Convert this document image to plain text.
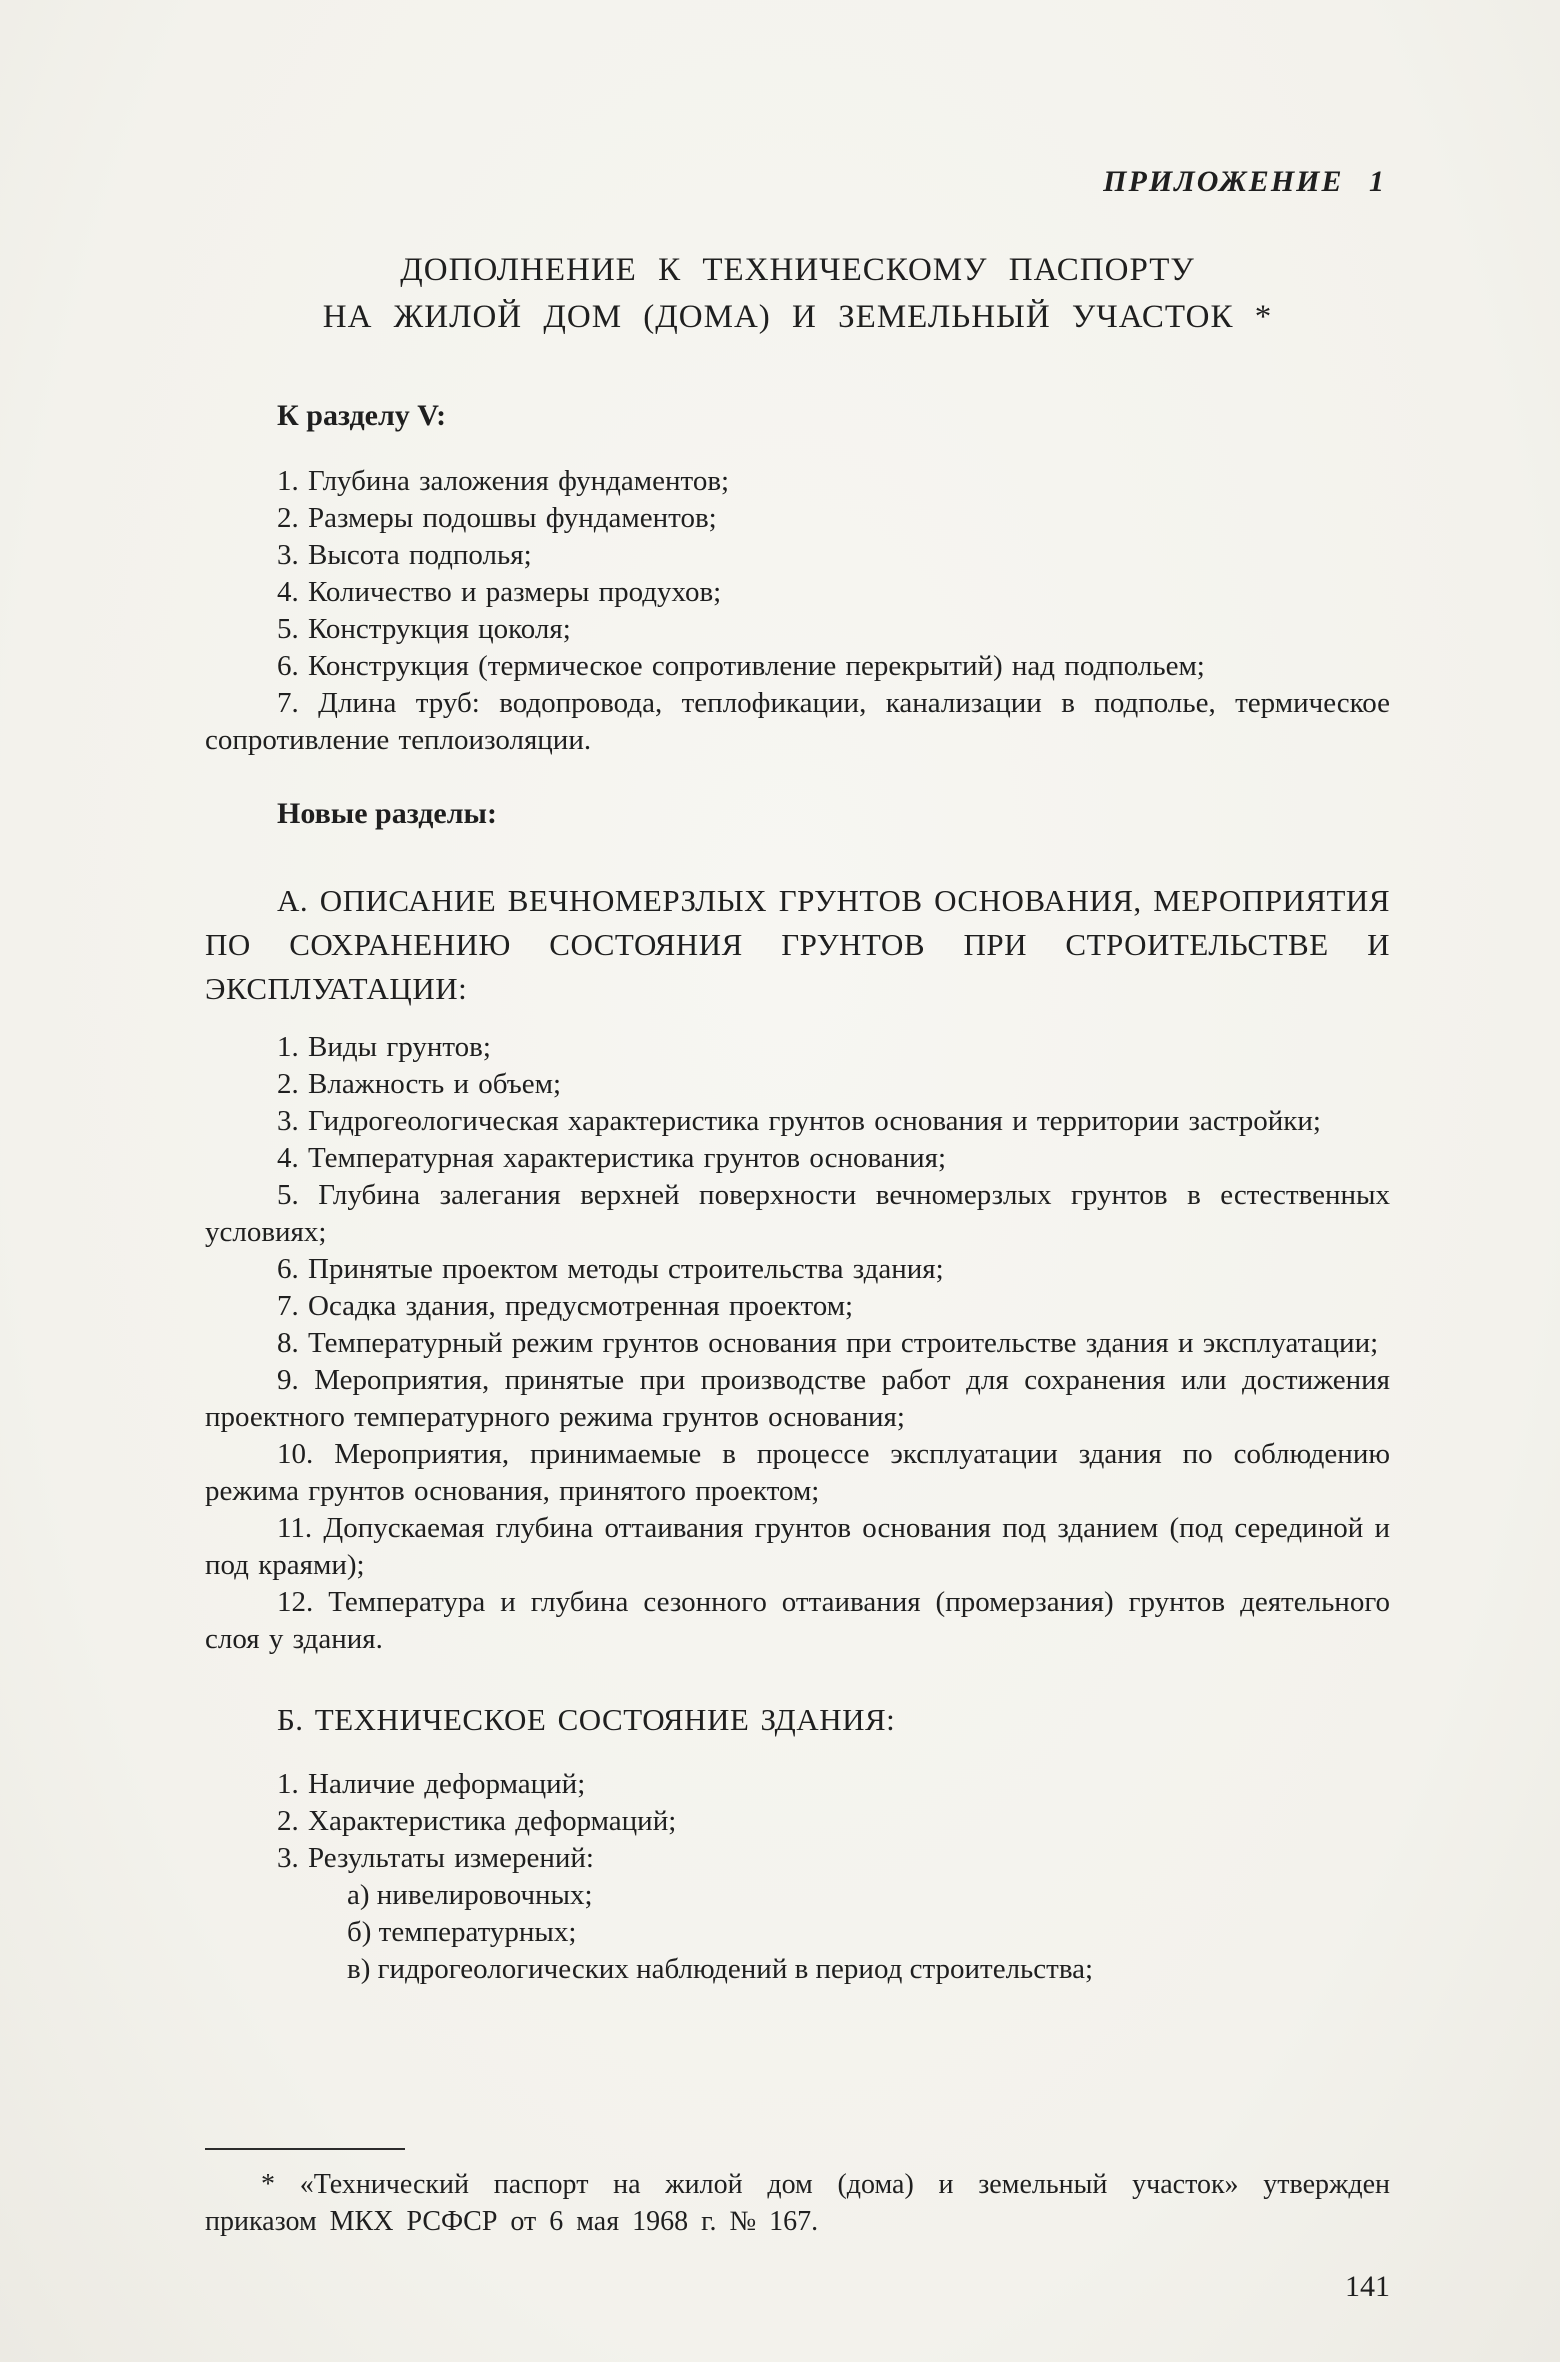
ПРИЛОЖЕНИЕ 1
ДОПОЛНЕНИЕ К ТЕХНИЧЕСКОМУ ПАСПОРТУ
НА ЖИЛОЙ ДОМ (ДОМА) И ЗЕМЕЛЬНЫЙ УЧАСТОК *

К разделу V:

1. Глубина заложения фундаментов;

2. Размеры подошвы фундаментов;

3. Высота подполья;

4. Количество и размеры продухов;

5. Конструкция цоколя;

6. Конструкция (термическое сопротивление перекрытий) над подпольем;

7. Длина труб: водопровода, теплофикации, канализации в подполье, термическое сопротивление теплоизоляции.

Новые разделы:

А. ОПИСАНИЕ ВЕЧНОМЕРЗЛЫХ ГРУНТОВ ОСНОВАНИЯ, МЕРОПРИЯТИЯ ПО СОХРАНЕНИЮ СОСТОЯНИЯ ГРУНТОВ ПРИ СТРОИТЕЛЬСТВЕ И ЭКСПЛУАТАЦИИ:

1. Виды грунтов;

2. Влажность и объем;

3. Гидрогеологическая характеристика грунтов основания и территории застройки;

4. Температурная характеристика грунтов основания;

5. Глубина залегания верхней поверхности вечномерзлых грунтов в естественных условиях;

6. Принятые проектом методы строительства здания;

7. Осадка здания, предусмотренная проектом;

8. Температурный режим грунтов основания при строительстве здания и эксплуатации;

9. Мероприятия, принятые при производстве работ для сохранения или достижения проектного температурного режима грунтов основания;

10. Мероприятия, принимаемые в процессе эксплуатации здания по соблюдению режима грунтов основания, принятого проектом;

11. Допускаемая глубина оттаивания грунтов основания под зданием (под серединой и под краями);

12. Температура и глубина сезонного оттаивания (промерзания) грунтов деятельного слоя у здания.

Б. ТЕХНИЧЕСКОЕ СОСТОЯНИЕ ЗДАНИЯ:

1. Наличие деформаций;

2. Характеристика деформаций;

3. Результаты измерений:

а) нивелировочных;

б) температурных;

в) гидрогеологических наблюдений в период строительства;

* «Технический паспорт на жилой дом (дома) и земельный участок» утвержден приказом МКХ РСФСР от 6 мая 1968 г. № 167.

141
